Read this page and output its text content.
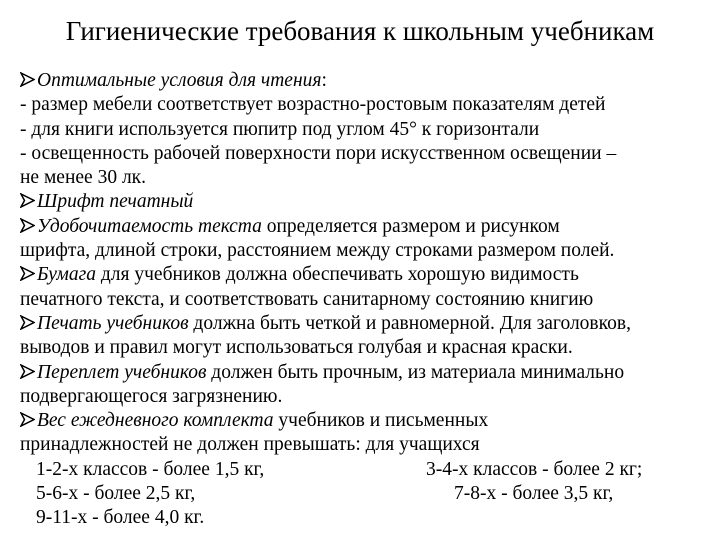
Гигиенические требования к школьным учебникам
Оптимальные условия для чтения:
- размер мебели соответствует возрастно-ростовым показателям детей
- для книги используется пюпитр под углом 45° к горизонтали
- освещенность рабочей поверхности пори искусственном освещении –
не менее 30 лк.
Шрифт печатный
Удобочитаемость текста определяется размером и рисунком
шрифта, длиной строки, расстоянием между строками размером полей.
Бумага для учебников должна обеспечивать хорошую видимость
печатного текста, и соответствовать санитарному состоянию книгию
Печать учебников должна быть четкой и равномерной. Для заголовков,
выводов и правил могут использоваться голубая и красная краски.
Переплет учебников должен быть прочным, из материала минимально
подвергающегося загрязнению.
Вес ежедневного комплекта учебников и письменных
принадлежностей не должен превышать: для учащихся
1-2-х классов - более 1,5 кг,	3-4-х классов - более 2 кг;
5-6-х - более 2,5 кг,	7-8-х - более 3,5 кг,
9-11-х - более 4,0 кг.
